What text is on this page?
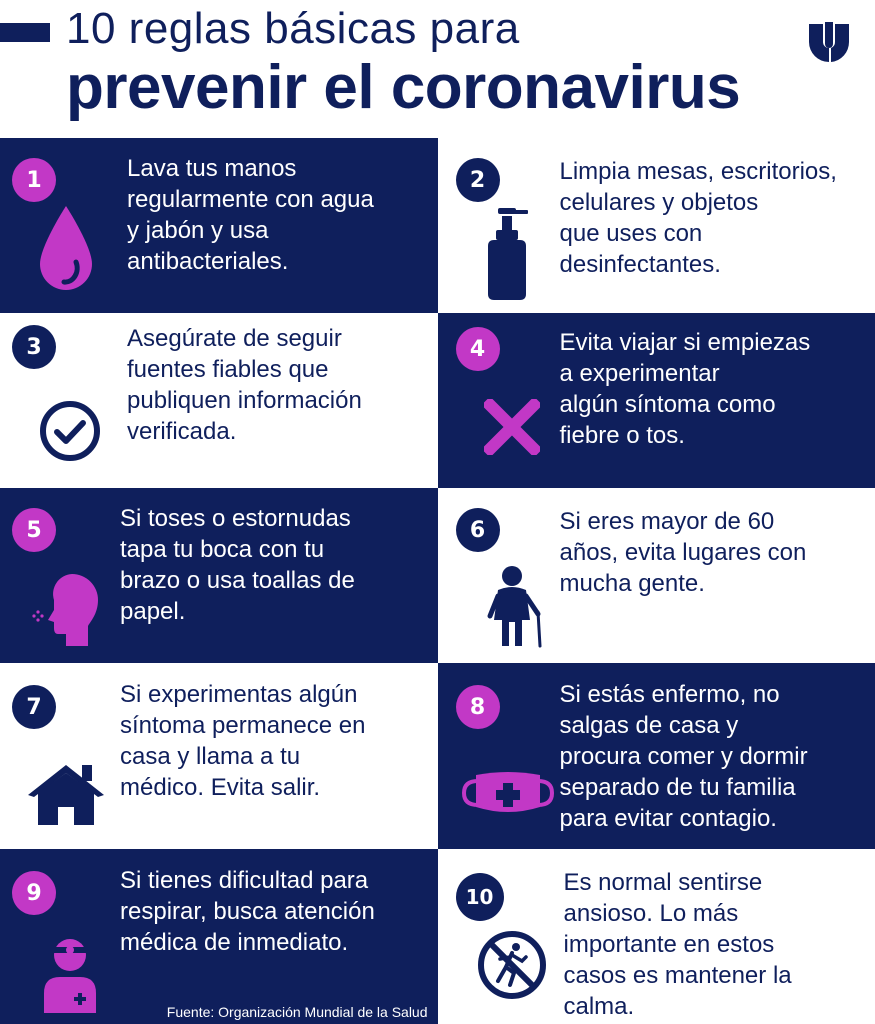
10 reglas básicas para
prevenir el coronavirus
1	Lava tus manos
regularmente con agua
y jabón y usa
antibacteriales.
2	Limpia mesas, escritorios,
celulares y objetos
que uses con
desinfectantes.
3	Asegúrate de seguir
fuentes fiables que
publiquen información
verificada.
4	Evita viajar si empiezas
a experimentar
algún síntoma como
fiebre o tos.
5	Si toses o estornudas
tapa tu boca con tu
brazo o usa toallas de
papel.
6	Si eres mayor de 60
años, evita lugares con
mucha gente.
7	Si experimentas algún
síntoma permanece en
casa y llama a tu
médico. Evita salir.
8	Si estás enfermo, no
salgas de casa y
procura comer y dormir
separado de tu familia
para evitar contagio.
9	Si tienes dificultad para
respirar, busca atención
médica de inmediato.
Fuente: Organización Mundial de la Salud
10
Es normal sentirse
ansioso. Lo más
importante en estos
casos es mantener la
calma.
